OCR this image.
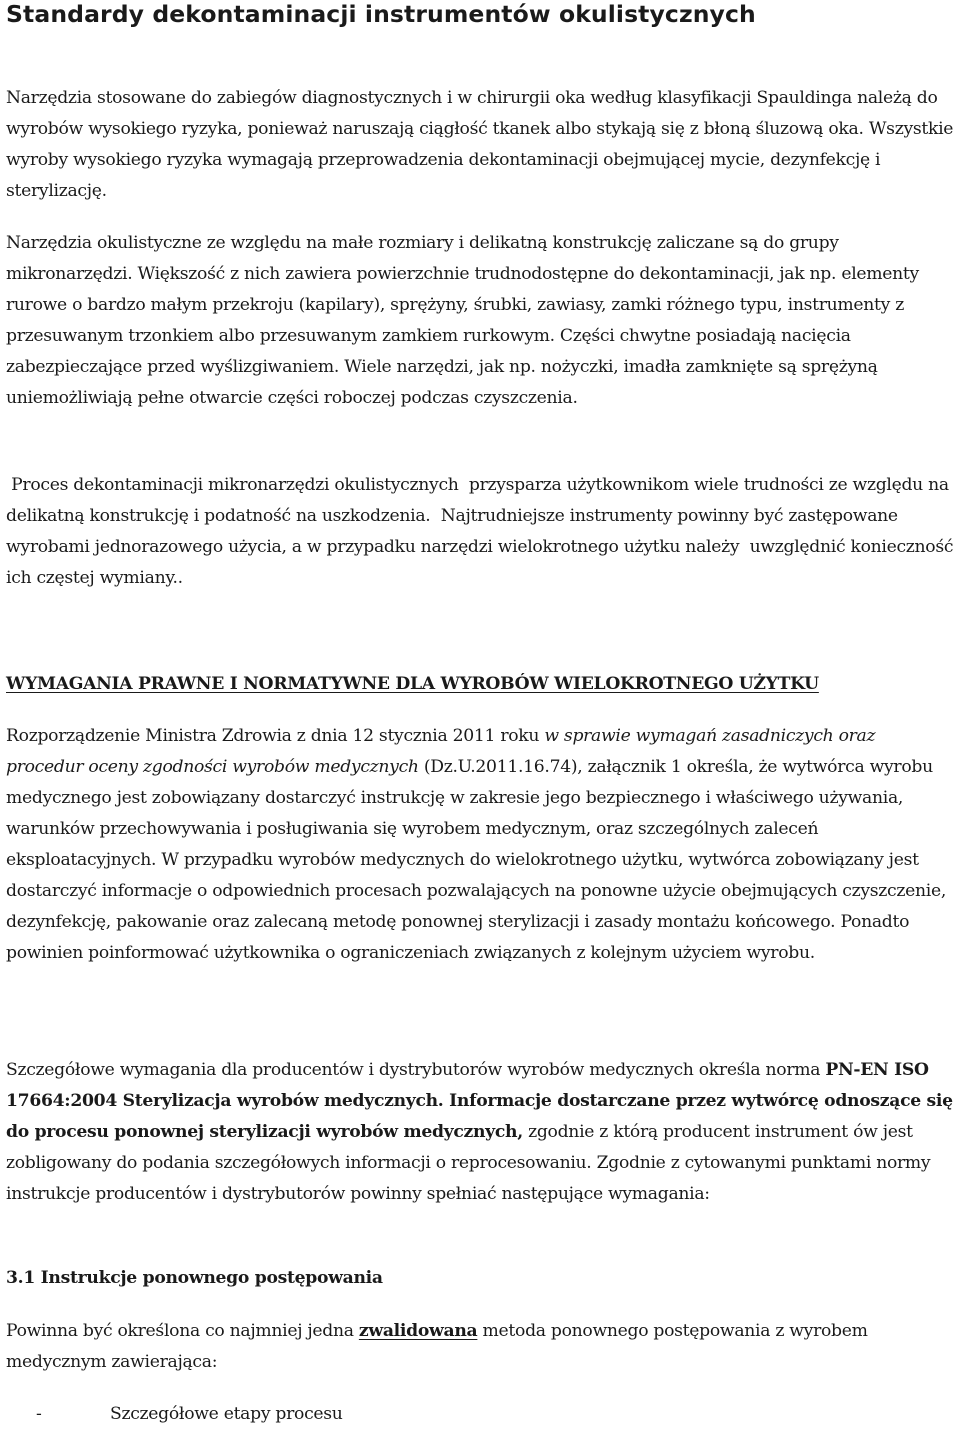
Standardy dekontaminacji instrumentów okulistycznych

Narzędzia stosowane do zabiegów diagnostycznych i w chirurgii oka według klasyfikacji Spauldinga należą do wyrobów wysokiego ryzyka, ponieważ naruszają ciągłość tkanek albo stykają się z błoną śluzową oka. Wszystkie wyroby wysokiego ryzyka wymagają przeprowadzenia dekontaminacji obejmującej mycie, dezynfekcję i sterylizację.

Narzędzia okulistyczne ze względu na małe rozmiary i delikatną konstrukcję zaliczane są do grupy mikronarzędzi. Większość z nich zawiera powierzchnie trudnodostępne do dekontaminacji, jak np. elementy rurowe o bardzo małym przekroju (kapilary), sprężyny, śrubki, zawiasy, zamki różnego typu, instrumenty z przesuwanym trzonkiem albo przesuwanym zamkiem rurkowym. Części chwytne posiadają nacięcia zabezpieczające przed wyślizgiwaniem. Wiele narzędzi, jak np. nożyczki, imadła zamknięte są sprężyną uniemożliwiają pełne otwarcie części roboczej podczas czyszczenia.

Proces dekontaminacji mikronarzędzi okulistycznych  przysparza użytkownikom wiele trudności ze względu na delikatną konstrukcję i podatność na uszkodzenia.  Najtrudniejsze instrumenty powinny być zastępowane wyrobami jednorazowego użycia, a w przypadku narzędzi wielokrotnego użytku należy  uwzględnić konieczność ich częstej wymiany..

WYMAGANIA PRAWNE I NORMATYWNE DLA WYROBÓW WIELOKROTNEGO UŻYTKU

Rozporządzenie Ministra Zdrowia z dnia 12 stycznia 2011 roku w sprawie wymagań zasadniczych oraz procedur oceny zgodności wyrobów medycznych (Dz.U.2011.16.74), załącznik 1 określa, że wytwórca wyrobu medycznego jest zobowiązany dostarczyć instrukcję w zakresie jego bezpiecznego i właściwego używania, warunków przechowywania i posługiwania się wyrobem medycznym, oraz szczególnych zaleceń eksploatacyjnych. W przypadku wyrobów medycznych do wielokrotnego użytku, wytwórca zobowiązany jest dostarczyć informacje o odpowiednich procesach pozwalających na ponowne użycie obejmujących czyszczenie, dezynfekcję, pakowanie oraz zalecaną metodę ponownej sterylizacji i zasady montażu końcowego. Ponadto powinien poinformować użytkownika o ograniczeniach związanych z kolejnym użyciem wyrobu.

Szczegółowe wymagania dla producentów i dystrybutorów wyrobów medycznych określa norma PN-EN ISO 17664:2004 Sterylizacja wyrobów medycznych. Informacje dostarczane przez wytwórcę odnoszące się do procesu ponownej sterylizacji wyrobów medycznych, zgodnie z którą producent instrument ów jest zobligowany do podania szczegółowych informacji o reprocesowaniu. Zgodnie z cytowanymi punktami normy instrukcje producentów i dystrybutorów powinny spełniać następujące wymagania:

3.1 Instrukcje ponownego postępowania

Powinna być określona co najmniej jedna zwalidowana metoda ponownego postępowania z wyrobem medycznym zawierająca:

-	Szczegółowe etapy procesu
